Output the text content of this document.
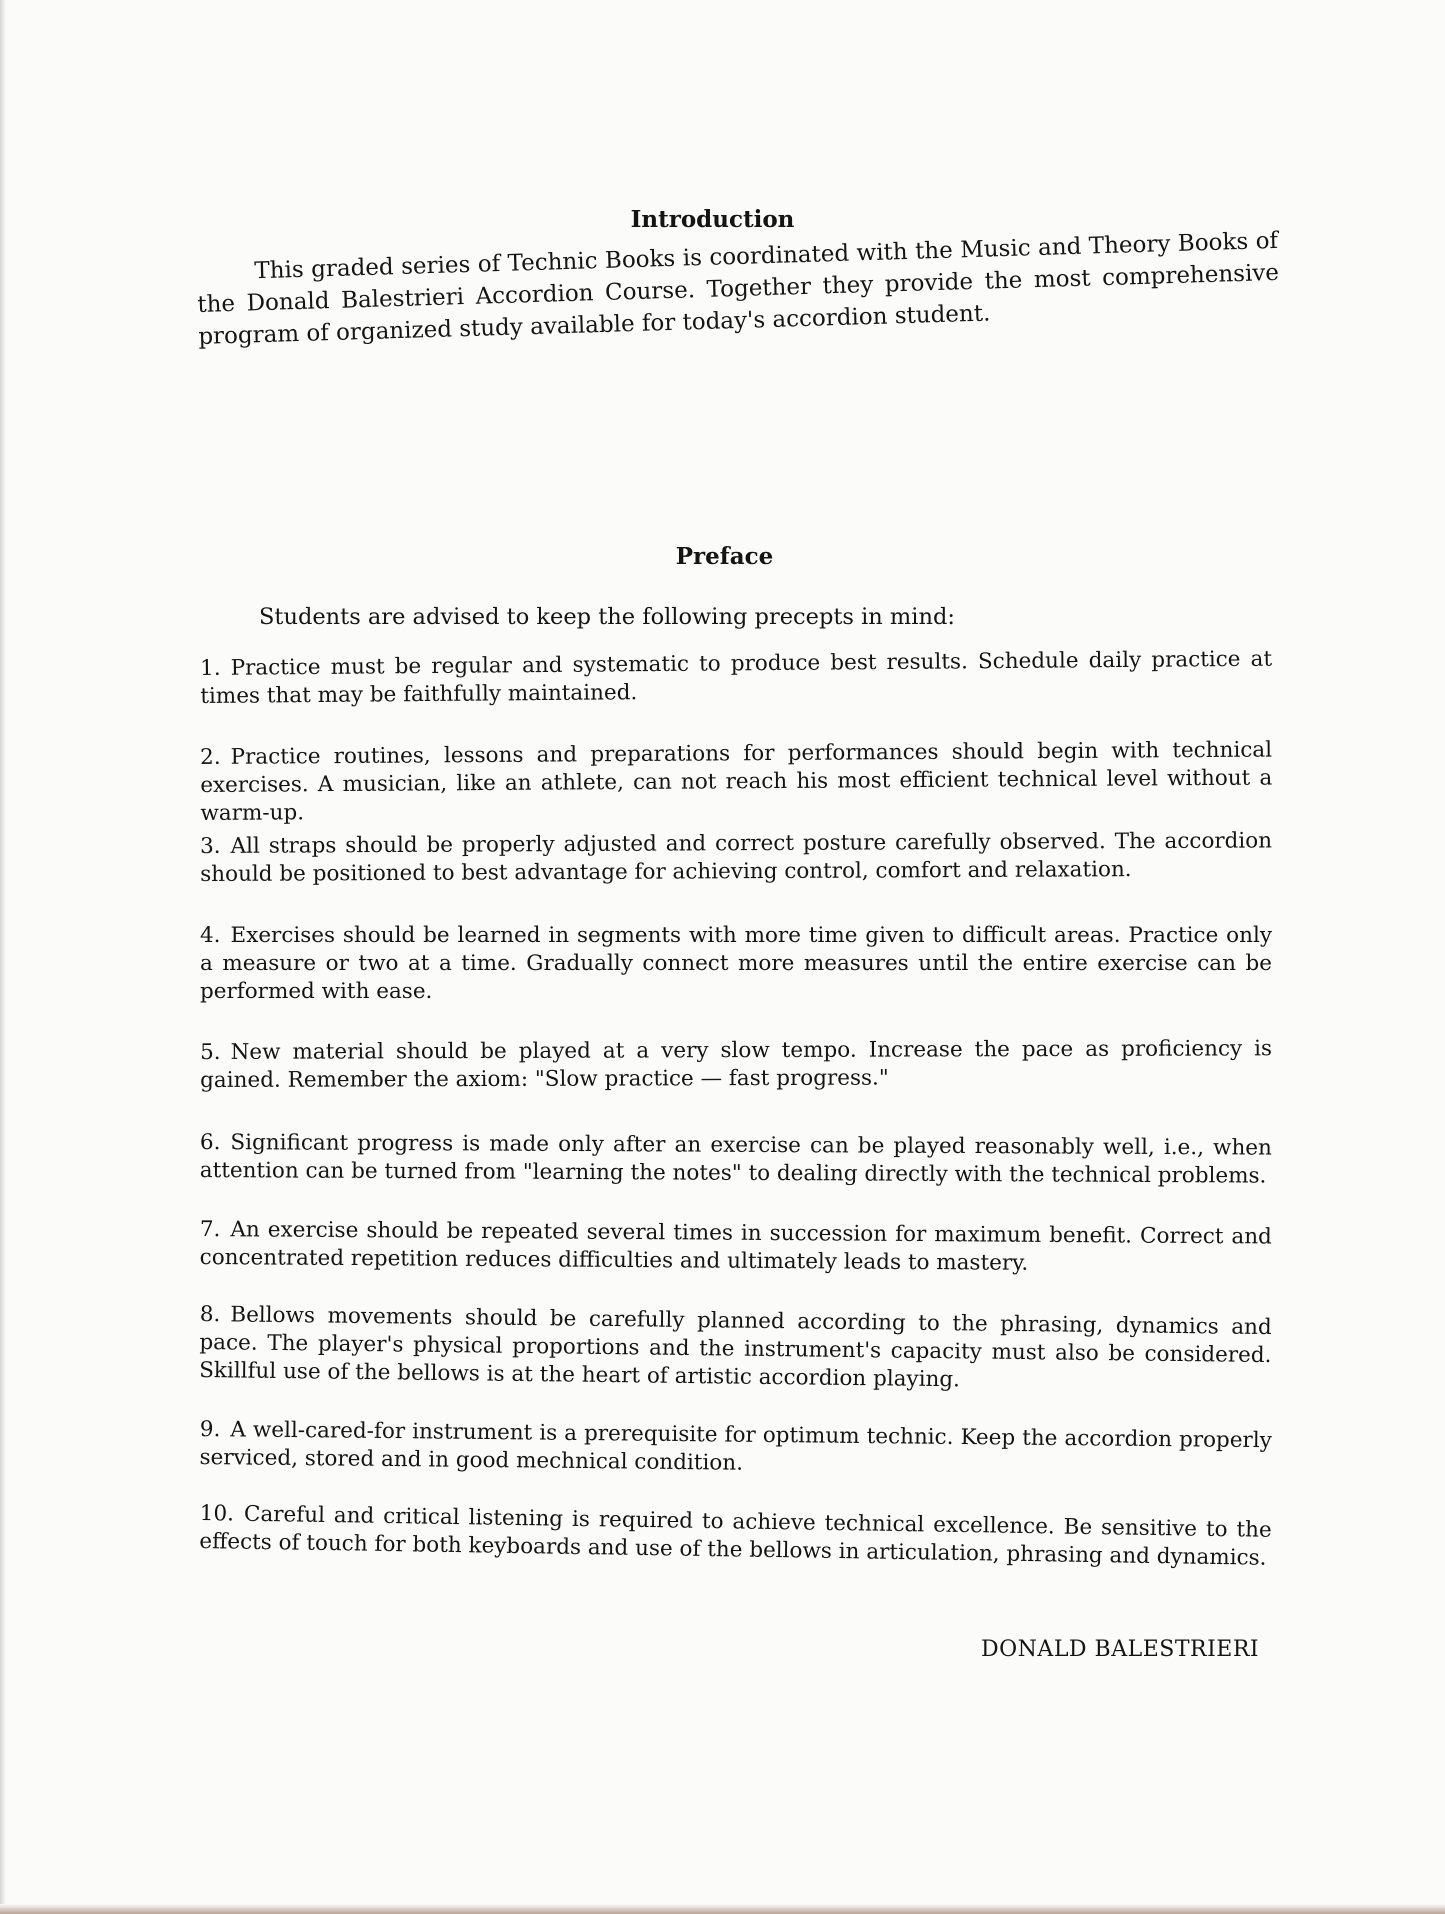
Introduction

This graded series of Technic Books is coordinated with the Music and Theory Books of the Donald Balestrieri Accordion Course. Together they provide the most comprehensive program of organized study available for today's accordion student.

Preface

Students are advised to keep the following precepts in mind:

1. Practice must be regular and systematic to produce best results. Schedule daily practice at times that may be faithfully maintained.

2. Practice routines, lessons and preparations for performances should begin with technical exercises. A musician, like an athlete, can not reach his most efficient technical level without a warm-up.

3. All straps should be properly adjusted and correct posture carefully observed. The accordion should be positioned to best advantage for achieving control, comfort and relaxation.

4. Exercises should be learned in segments with more time given to difficult areas. Practice only a measure or two at a time. Gradually connect more measures until the entire exercise can be performed with ease.

5. New material should be played at a very slow tempo. Increase the pace as proficiency is gained. Remember the axiom: "Slow practice — fast progress."

6. Significant progress is made only after an exercise can be played reasonably well, i.e., when attention can be turned from "learning the notes" to dealing directly with the technical problems.

7. An exercise should be repeated several times in succession for maximum benefit. Correct and concentrated repetition reduces difficulties and ultimately leads to mastery.

8. Bellows movements should be carefully planned according to the phrasing, dynamics and pace. The player's physical proportions and the instrument's capacity must also be considered. Skillful use of the bellows is at the heart of artistic accordion playing.

9. A well-cared-for instrument is a prerequisite for optimum technic. Keep the accordion properly serviced, stored and in good mechnical condition.

10. Careful and critical listening is required to achieve technical excellence. Be sensitive to the effects of touch for both keyboards and use of the bellows in articulation, phrasing and dynamics.

DONALD BALESTRIERI
